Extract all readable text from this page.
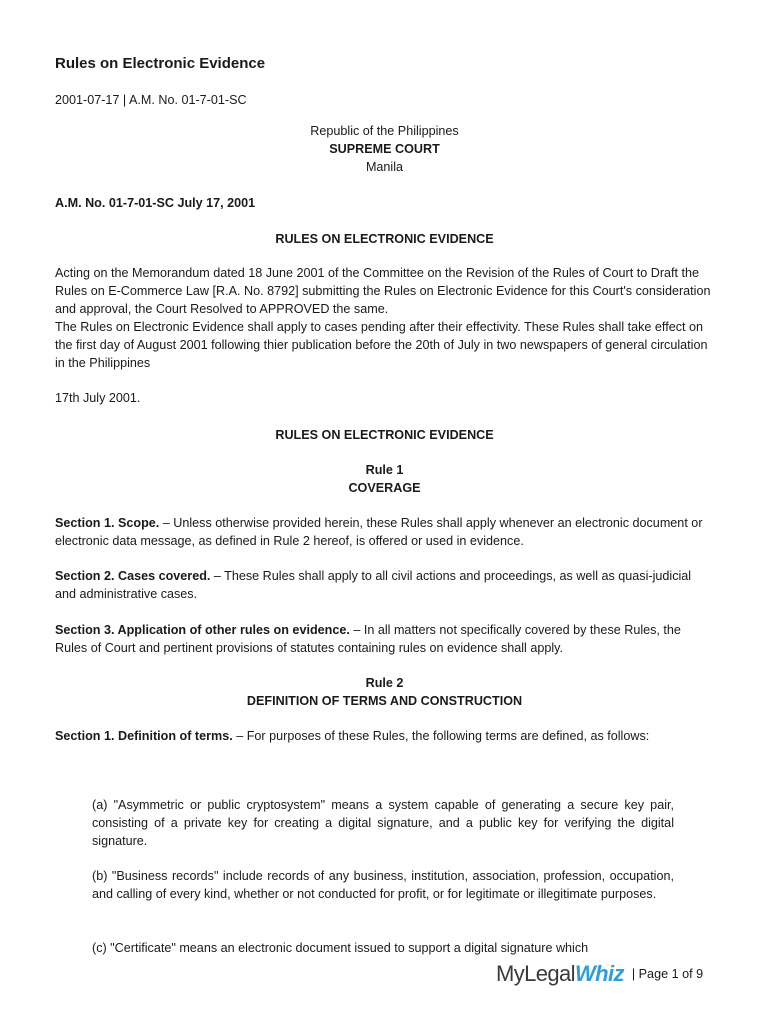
Rules on Electronic Evidence
2001-07-17 | A.M. No. 01-7-01-SC

Republic of the Philippines

SUPREME COURT

Manila

A.M. No. 01-7-01-SC July 17, 2001

RULES ON ELECTRONIC EVIDENCE

Acting on the Memorandum dated 18 June 2001 of the Committee on the Revision of the Rules of Court to Draft the Rules on E-Commerce Law [R.A. No. 8792] submitting the Rules on Electronic Evidence for this Court's consideration and approval, the Court Resolved to APPROVED the same.

The Rules on Electronic Evidence shall apply to cases pending after their effectivity. These Rules shall take effect on the first day of August 2001 following thier publication before the 20th of July in two newspapers of general circulation in the Philippines

17th July 2001.

RULES ON ELECTRONIC EVIDENCE

Rule 1

COVERAGE

Section 1. Scope. – Unless otherwise provided herein, these Rules shall apply whenever an electronic document or electronic data message, as defined in Rule 2 hereof, is offered or used in evidence.

Section 2. Cases covered. – These Rules shall apply to all civil actions and proceedings, as well as quasi-judicial and administrative cases.

Section 3. Application of other rules on evidence. – In all matters not specifically covered by these Rules, the Rules of Court and pertinent provisions of statutes containing rules on evidence shall apply.

Rule 2

DEFINITION OF TERMS AND CONSTRUCTION

Section 1. Definition of terms. – For purposes of these Rules, the following terms are defined, as follows:

(a) "Asymmetric or public cryptosystem" means a system capable of generating a secure key pair, consisting of a private key for creating a digital signature, and a public key for verifying the digital signature.

(b) "Business records" include records of any business, institution, association, profession, occupation, and calling of every kind, whether or not conducted for profit, or for legitimate or illegitimate purposes.

(c) "Certificate" means an electronic document issued to support a digital signature which

MyLegalWhiz | Page 1 of 9
